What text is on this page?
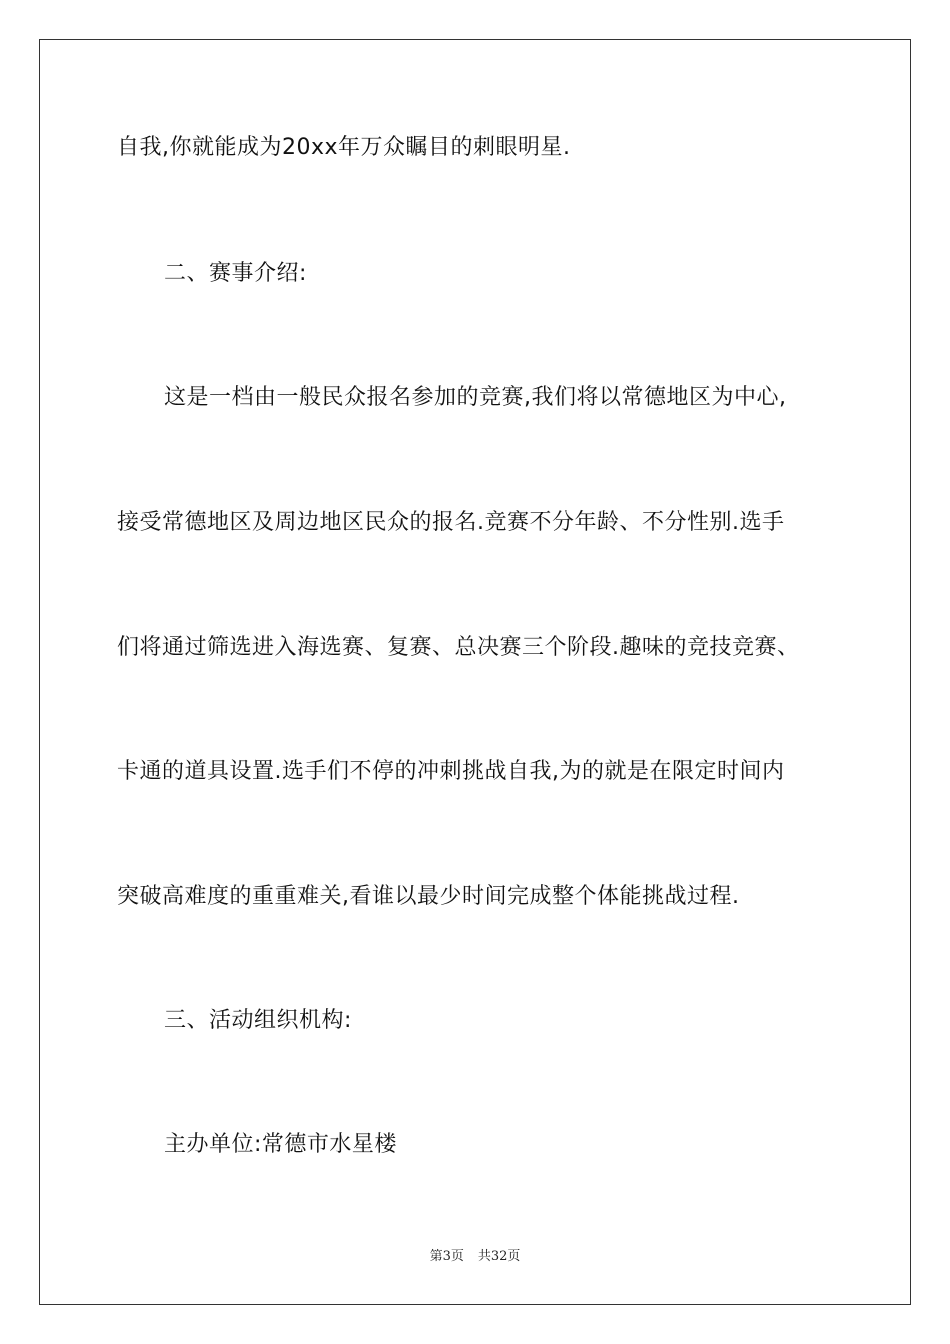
自我,你就能成为20xx年万众瞩目的刺眼明星.
二、赛事介绍:
这是一档由一般民众报名参加的竞赛,我们将以常德地区为中心,
接受常德地区及周边地区民众的报名.竞赛不分年龄、不分性别.选手
们将通过筛选进入海选赛、复赛、总决赛三个阶段.趣味的竞技竞赛、
卡通的道具设置.选手们不停的冲刺挑战自我,为的就是在限定时间内
突破高难度的重重难关,看谁以最少时间完成整个体能挑战过程.
三、活动组织机构:
主办单位:常德市水星楼
第3页 共32页
